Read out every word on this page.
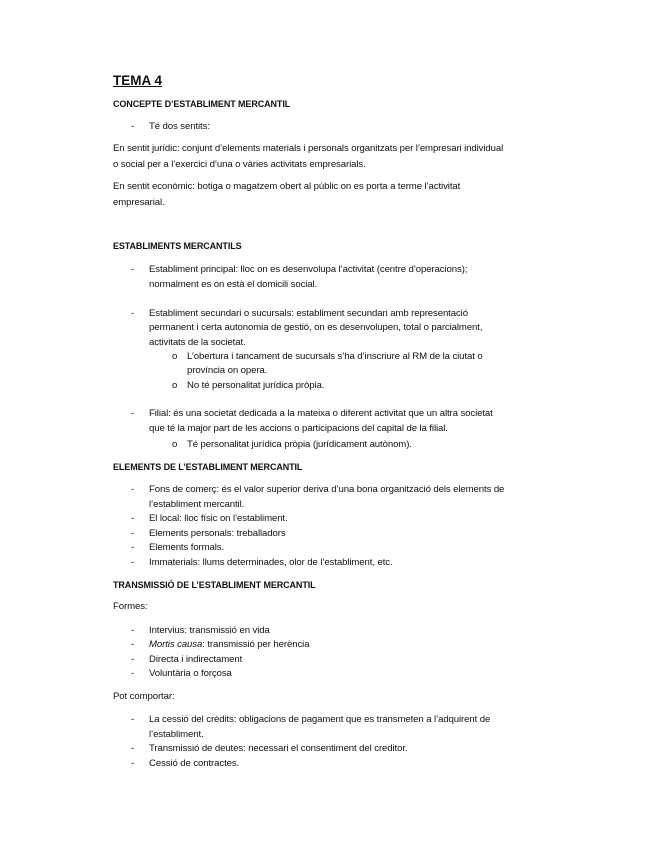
TEMA 4
CONCEPTE D’ESTABLIMENT MERCANTIL
- Té dos sentits:
En sentit jurídic: conjunt d’elements materials i personals organitzats per l’empresari individual
o social per a l’exercici d’una o vàries activitats empresarials.
En sentit econòmic: botiga o magatzem obert al públic on es porta a terme l’activitat
empresarial.
ESTABLIMENTS MERCANTILS
- Establiment principal: lloc on es desenvolupa l’activitat (centre d’operacions);
normalment es on està el domicili social.
- Establiment secundari o sucursals: establiment secundari amb representació
permanent i certa autonomia de gestió, on es desenvolupen, total o parcialment,
activitats de la societat.
o L’obertura i tancament de sucursals s’ha d’inscriure al RM de la ciutat o
província on opera.
o No té personalitat jurídica pròpia.
- Filial: és una societat dedicada a la mateixa o diferent activitat que un altra societat
que té la major part de les accions o participacions del capital de la filial.
o Té personalitat jurídica pròpia (jurídicament autònom).
ELEMENTS DE L’ESTABLIMENT MERCANTIL
- Fons de comerç: és el valor superior deriva d’una bona organització dels elements de
l’establiment mercantil.
- El local: lloc físic on l’establiment.
- Elements personals: treballadors
- Elements formals.
- Immaterials: llums determinades, olor de l’establiment, etc.
TRANSMISSIÓ DE L’ESTABLIMENT MERCANTIL
Formes:
- Intervius: transmissió en vida
- Mortis causa: transmissió per herència
- Directa i indirectament
- Voluntària o forçosa
Pot comportar:
- La cessió del crèdits: obligacions de pagament que es transmeten a l’adquirent de
l’establiment.
- Transmissió de deutes: necessari el consentiment del creditor.
- Cessió de contractes.
